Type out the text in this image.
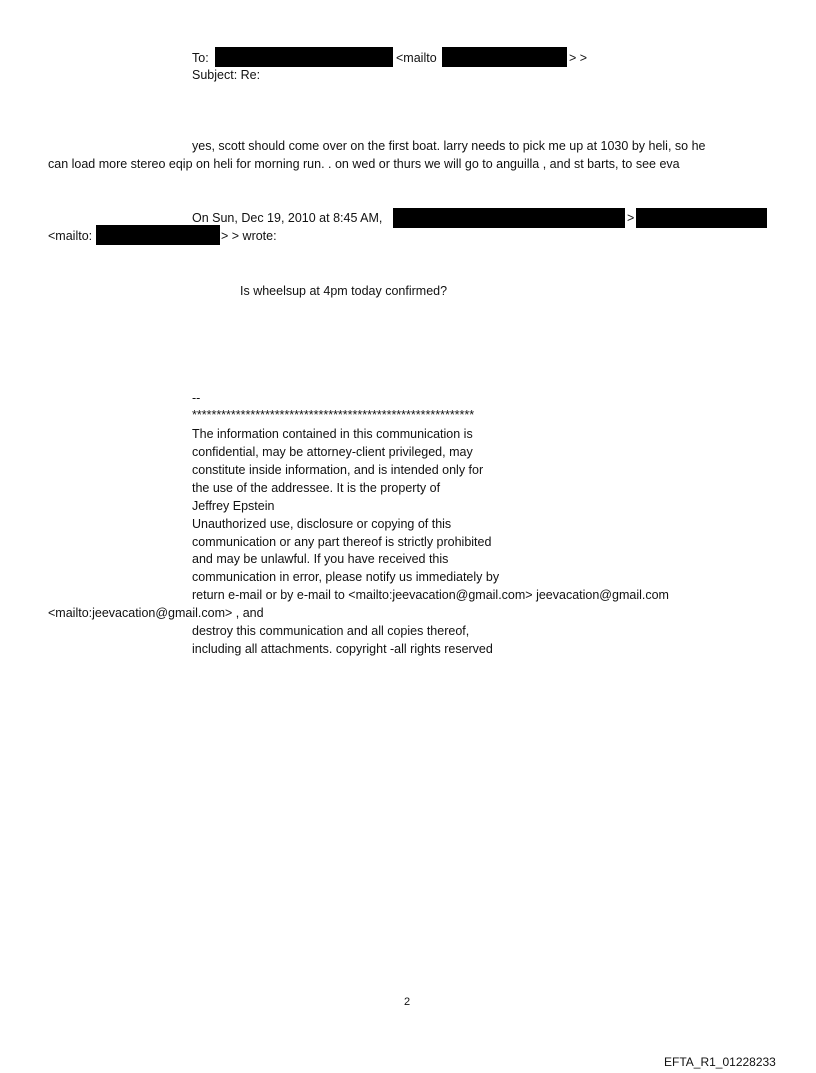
To:	<mailto	> >
Subject: Re:
yes, scott should come over on the first boat. larry needs to pick me up at 1030 by heli, so he
can load more stereo eqip on heli for morning run. . on wed or thurs we will go to anguilla , and st barts, to see eva
On Sun, Dec 19, 2010 at 8:45 AM,	>
<mailto:	> > wrote:
Is wheelsup at 4pm today confirmed?
--
**********************************************************
The information contained in this communication is
confidential, may be attorney-client privileged, may
constitute inside information, and is intended only for
the use of the addressee. It is the property of
Jeffrey Epstein
Unauthorized use, disclosure or copying of this
communication or any part thereof is strictly prohibited
and may be unlawful. If you have received this
communication in error, please notify us immediately by
return e-mail or by e-mail to <mailto:jeevacation@gmail.com> jeevacation@gmail.com
<mailto:jeevacation@gmail.com> , and
destroy this communication and all copies thereof,
including all attachments. copyright -all rights reserved
2
EFTA_R1_01228233
